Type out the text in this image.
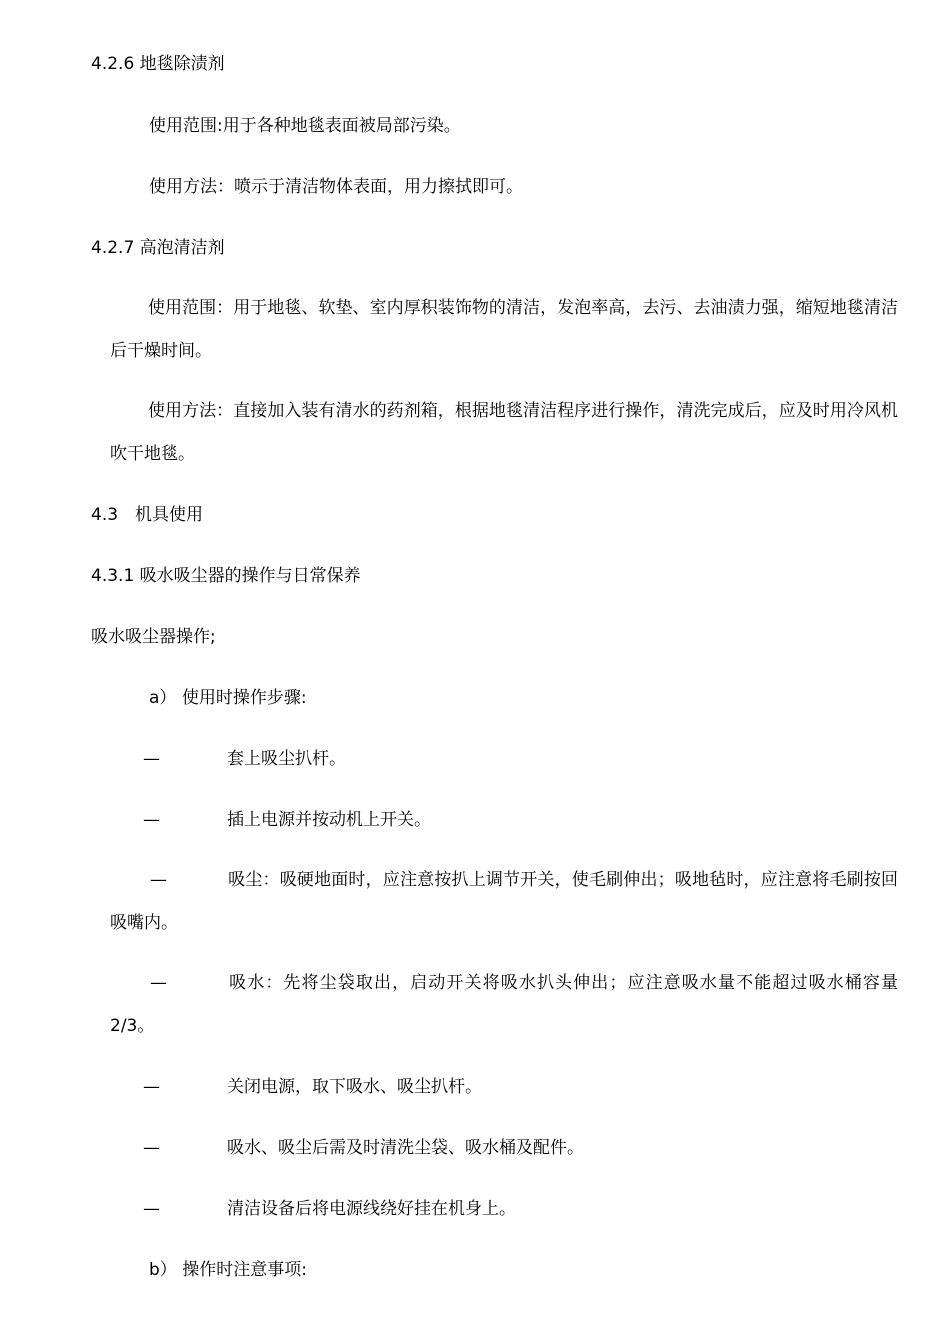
4.2.6 地毯除渍剂
使用范围:用于各种地毯表面被局部污染。
使用方法：喷示于清洁物体表面，用力擦拭即可。
4.2.7 高泡清洁剂
使用范围：用于地毯、软垫、室内厚积装饰物的清洁，发泡率高，去污、去油渍力强，缩短地毯清洁后干燥时间。
使用方法：直接加入装有清水的药剂箱，根据地毯清洁程序进行操作，清洗完成后，应及时用冷风机吹干地毯。
4.3　机具使用
4.3.1 吸水吸尘器的操作与日常保养
吸水吸尘器操作;
a） 使用时操作步骤:
—	套上吸尘扒杆。
—	插上电源并按动机上开关。
—	吸尘：吸硬地面时，应注意按扒上调节开关，使毛刷伸出；吸地毡时，应注意将毛刷按回吸嘴内。
—	吸水：先将尘袋取出，启动开关将吸水扒头伸出；应注意吸水量不能超过吸水桶容量 2/3。
—	关闭电源，取下吸水、吸尘扒杆。
—	吸水、吸尘后需及时清洗尘袋、吸水桶及配件。
—	清洁设备后将电源线绕好挂在机身上。
b） 操作时注意事项:
